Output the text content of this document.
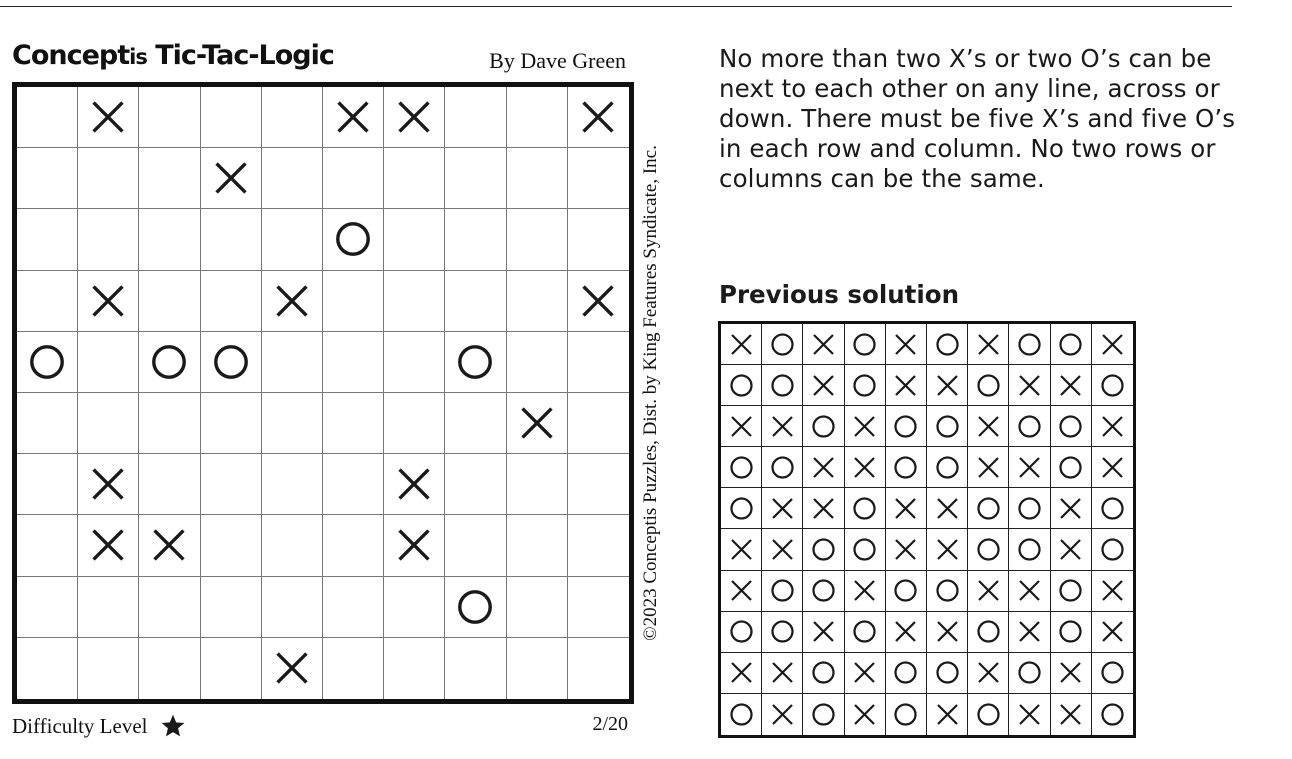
Conceptis Tic-Tac-Logic	By Dave Green
©2023 Conceptis Puzzles, Dist. by King Features Syndicate, Inc.
Difficulty Level	2/20
No more than two X’s or two O’s can be next to each other on any line, across or down. There must be five X’s and five O’s in each row and column. No two rows or columns can be the same.
Previous solution
